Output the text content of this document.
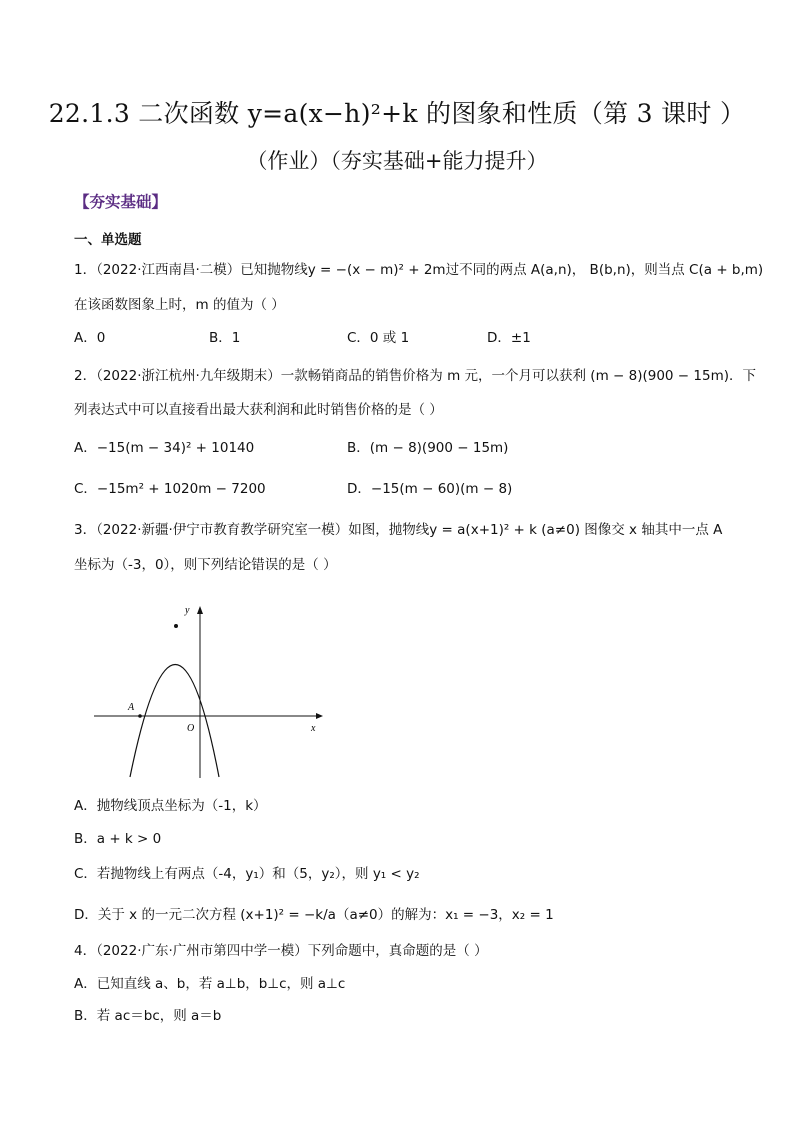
22.1.3 二次函数 y=a(x−h)²+k 的图象和性质（第 3 课时 ）
（作业）（夯实基础+能力提升）
【夯实基础】
一、单选题
1．（2022·江西南昌·二模）已知抛物线y = −(x − m)² + 2m过不同的两点 A(a,n)， B(b,n)，则当点 C(a + b,m)
在该函数图象上时，m 的值为（ ）
A．0	B．1	C．0 或 1	D．±1
2．（2022·浙江杭州·九年级期末）一款畅销商品的销售价格为 m 元，一个月可以获利 (m − 8)(900 − 15m)．下
列表达式中可以直接看出最大获利润和此时销售价格的是（ ）
A．−15(m − 34)² + 10140	B．(m − 8)(900 − 15m)
C．−15m² + 1020m − 7200	D．−15(m − 60)(m − 8)
3．（2022·新疆·伊宁市教育教学研究室一模）如图，抛物线y = a(x+1)² + k (a≠0) 图像交 x 轴其中一点 A
坐标为（-3，0），则下列结论错误的是（ ）
A
O
y
x
A．抛物线顶点坐标为（-1，k）
B．a + k > 0
C．若抛物线上有两点（-4，y₁）和（5，y₂），则 y₁ < y₂
D．关于 x 的一元二次方程 (x+1)² = −k/a（a≠0）的解为：x₁ = −3，x₂ = 1
4．（2022·广东·广州市第四中学一模）下列命题中，真命题的是（ ）
A．已知直线 a、b，若 a⊥b，b⊥c，则 a⊥c
B．若 ac＝bc，则 a＝b
